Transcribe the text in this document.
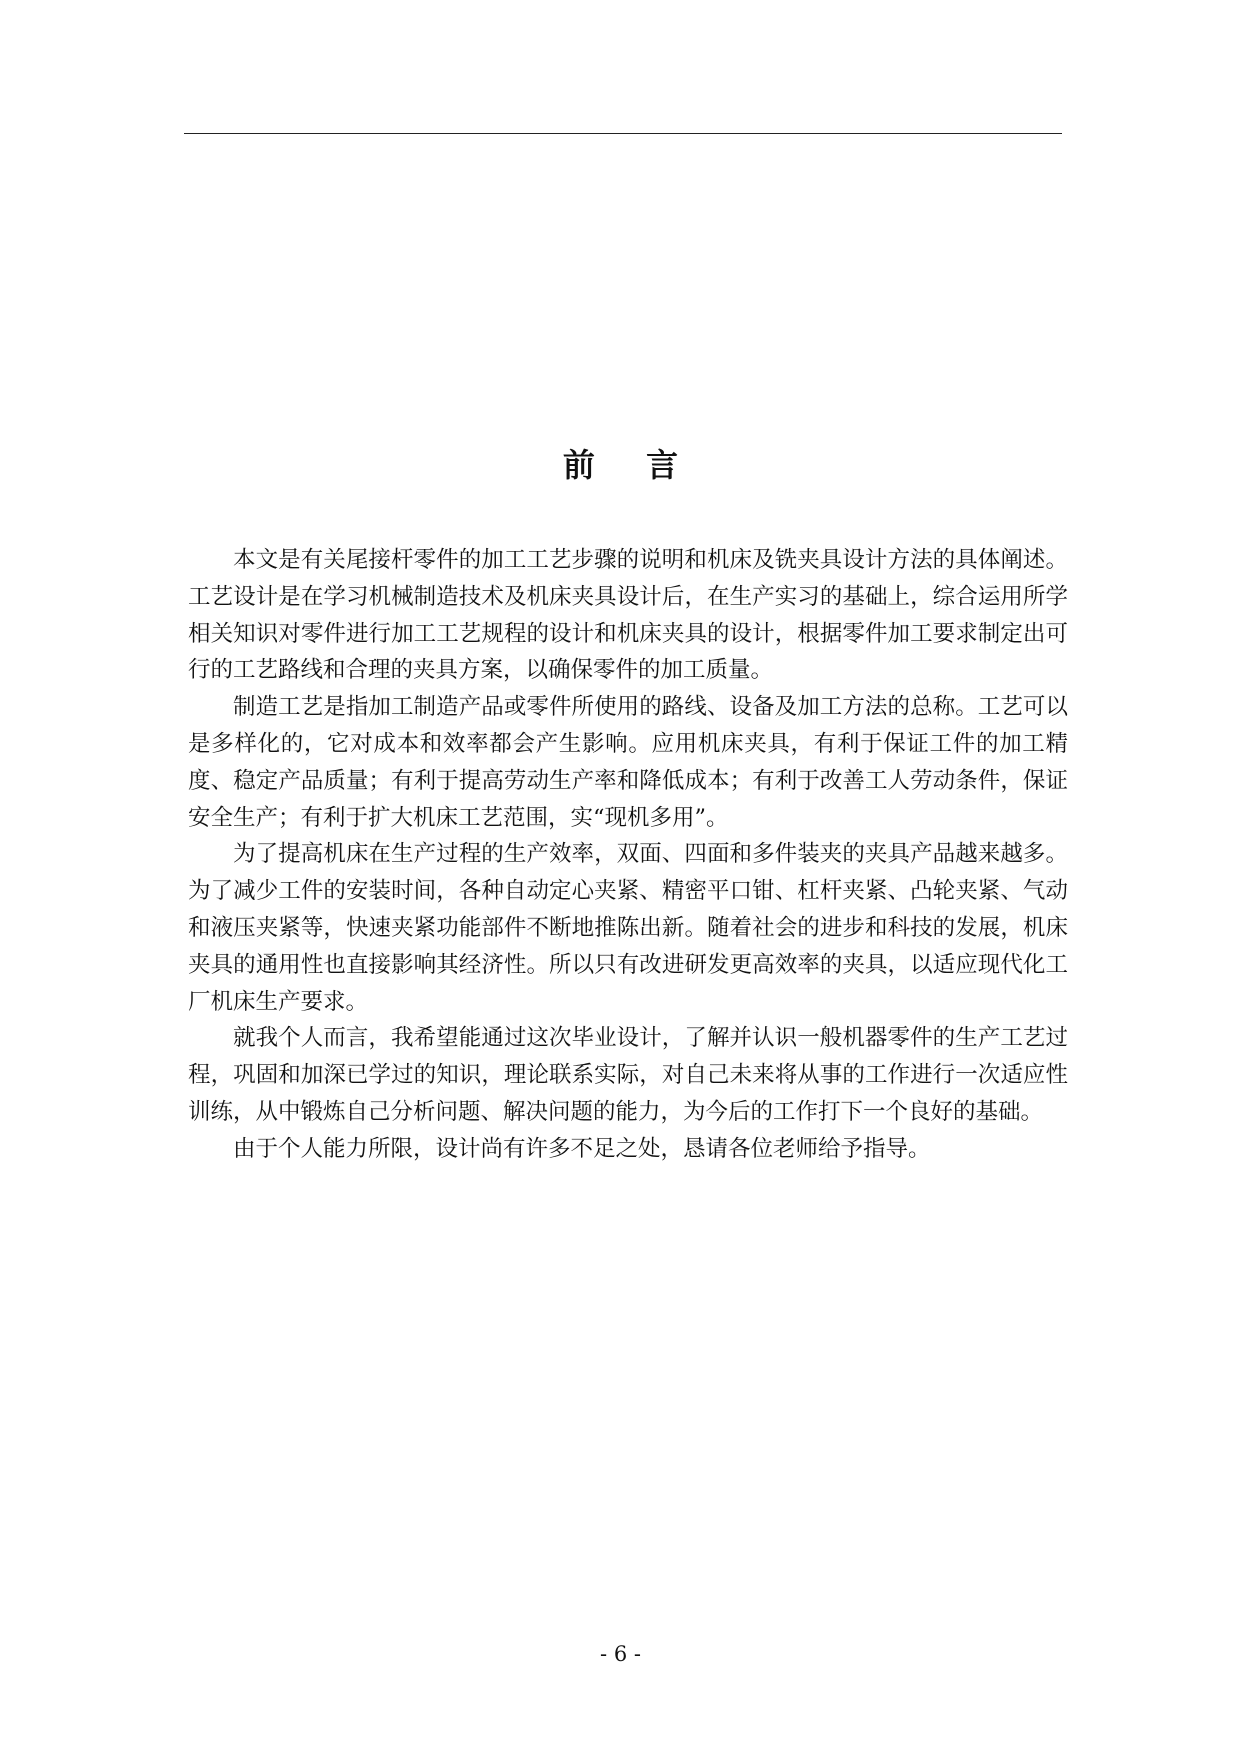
前 言

本文是有关尾接杆零件的加工工艺步骤的说明和机床及铣夹具设计方法的具体阐述。工艺设计是在学习机械制造技术及机床夹具设计后，在生产实习的基础上，综合运用所学相关知识对零件进行加工工艺规程的设计和机床夹具的设计，根据零件加工要求制定出可行的工艺路线和合理的夹具方案，以确保零件的加工质量。

制造工艺是指加工制造产品或零件所使用的路线、设备及加工方法的总称。工艺可以是多样化的，它对成本和效率都会产生影响。应用机床夹具，有利于保证工件的加工精度、稳定产品质量；有利于提高劳动生产率和降低成本；有利于改善工人劳动条件，保证安全生产；有利于扩大机床工艺范围，实“现机多用”。

为了提高机床在生产过程的生产效率，双面、四面和多件装夹的夹具产品越来越多。为了减少工件的安装时间，各种自动定心夹紧、精密平口钳、杠杆夹紧、凸轮夹紧、气动和液压夹紧等，快速夹紧功能部件不断地推陈出新。随着社会的进步和科技的发展，机床夹具的通用性也直接影响其经济性。所以只有改进研发更高效率的夹具，以适应现代化工厂机床生产要求。

就我个人而言，我希望能通过这次毕业设计，了解并认识一般机器零件的生产工艺过程，巩固和加深已学过的知识，理论联系实际，对自己未来将从事的工作进行一次适应性训练，从中锻炼自己分析问题、解决问题的能力，为今后的工作打下一个良好的基础。

由于个人能力所限，设计尚有许多不足之处，恳请各位老师给予指导。

- 6 -
